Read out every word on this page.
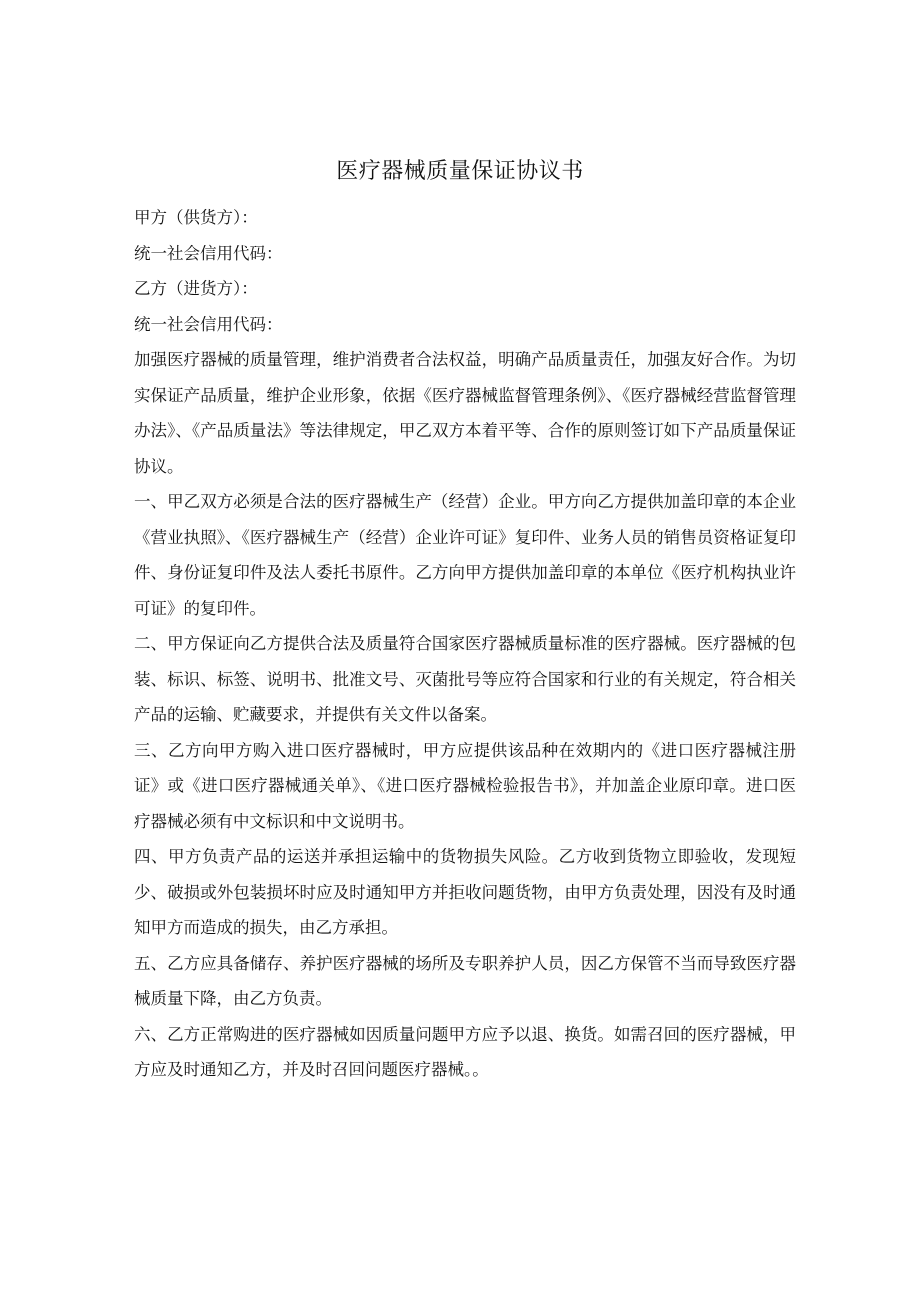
医疗器械质量保证协议书

甲方（供货方）：

统一社会信用代码：

乙方（进货方）：

统一社会信用代码：

加强医疗器械的质量管理，维护消费者合法权益，明确产品质量责任，加强友好合作。为切实保证产品质量，维护企业形象，依据《医疗器械监督管理条例》、《医疗器械经营监督管理办法》、《产品质量法》等法律规定，甲乙双方本着平等、合作的原则签订如下产品质量保证协议。

一、甲乙双方必须是合法的医疗器械生产（经营）企业。甲方向乙方提供加盖印章的本企业《营业执照》、《医疗器械生产（经营）企业许可证》复印件、业务人员的销售员资格证复印件、身份证复印件及法人委托书原件。乙方向甲方提供加盖印章的本单位《医疗机构执业许可证》的复印件。

二、甲方保证向乙方提供合法及质量符合国家医疗器械质量标准的医疗器械。医疗器械的包装、标识、标签、说明书、批准文号、灭菌批号等应符合国家和行业的有关规定，符合相关产品的运输、贮藏要求，并提供有关文件以备案。

三、乙方向甲方购入进口医疗器械时，甲方应提供该品种在效期内的《进口医疗器械注册证》或《进口医疗器械通关单》、《进口医疗器械检验报告书》，并加盖企业原印章。进口医疗器械必须有中文标识和中文说明书。

四、甲方负责产品的运送并承担运输中的货物损失风险。乙方收到货物立即验收，发现短少、破损或外包装损坏时应及时通知甲方并拒收问题货物，由甲方负责处理，因没有及时通知甲方而造成的损失，由乙方承担。

五、乙方应具备储存、养护医疗器械的场所及专职养护人员，因乙方保管不当而导致医疗器械质量下降，由乙方负责。

六、乙方正常购进的医疗器械如因质量问题甲方应予以退、换货。如需召回的医疗器械，甲方应及时通知乙方，并及时召回问题医疗器械。。
